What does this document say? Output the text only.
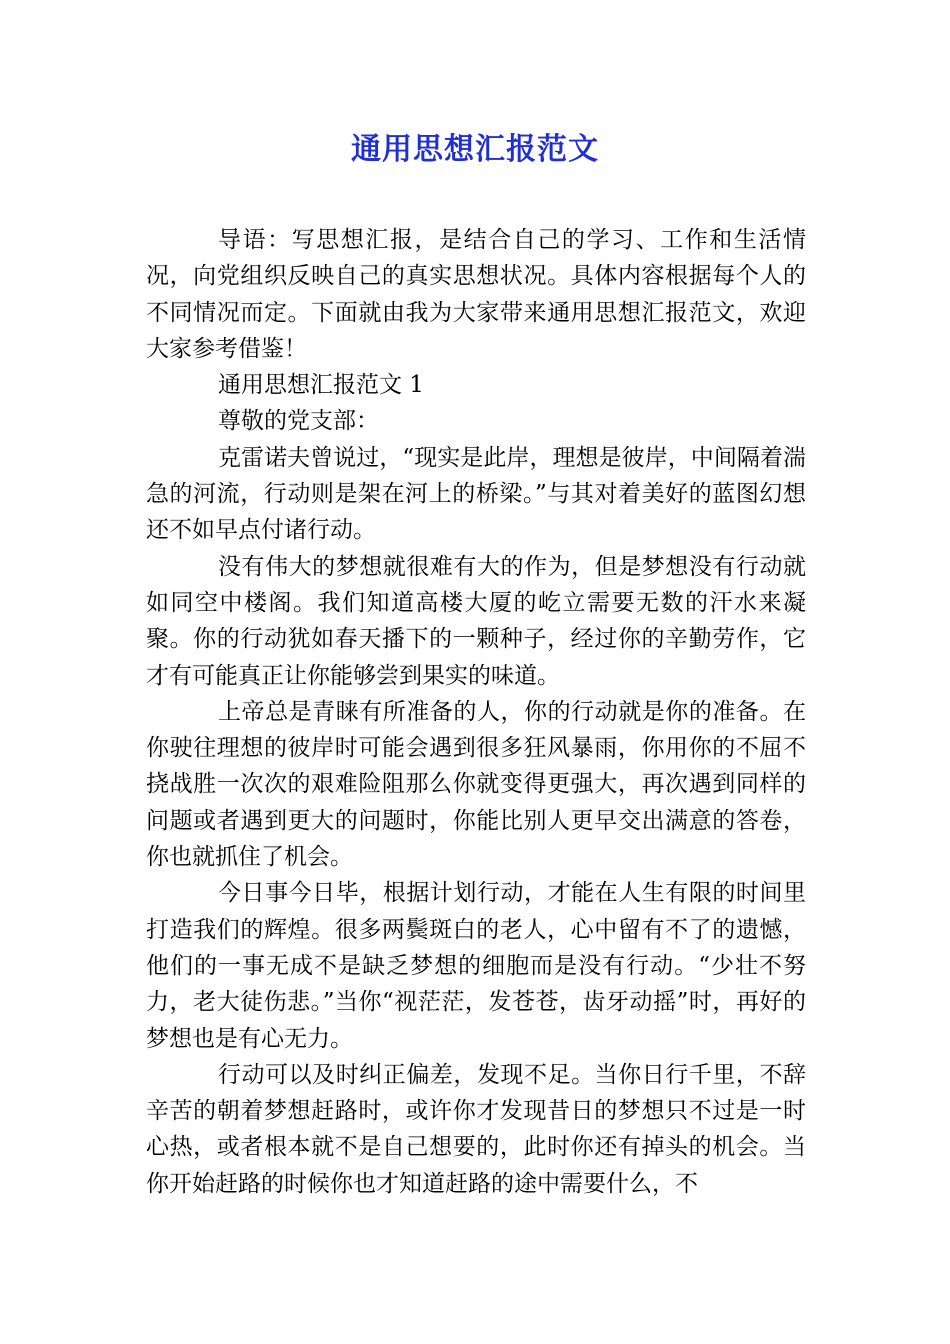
通用思想汇报范文

导语：写思想汇报，是结合自己的学习、工作和生活情况，向党组织反映自己的真实思想状况。具体内容根据每个人的不同情况而定。下面就由我为大家带来通用思想汇报范文，欢迎大家参考借鉴！

通用思想汇报范文 1

尊敬的党支部：

克雷诺夫曾说过，“现实是此岸，理想是彼岸，中间隔着湍急的河流，行动则是架在河上的桥梁。”与其对着美好的蓝图幻想还不如早点付诸行动。

没有伟大的梦想就很难有大的作为，但是梦想没有行动就如同空中楼阁。我们知道高楼大厦的屹立需要无数的汗水来凝聚。你的行动犹如春天播下的一颗种子，经过你的辛勤劳作，它才有可能真正让你能够尝到果实的味道。

上帝总是青睐有所准备的人，你的行动就是你的准备。在你驶往理想的彼岸时可能会遇到很多狂风暴雨，你用你的不屈不挠战胜一次次的艰难险阻那么你就变得更强大，再次遇到同样的问题或者遇到更大的问题时，你能比别人更早交出满意的答卷，你也就抓住了机会。

今日事今日毕，根据计划行动，才能在人生有限的时间里打造我们的辉煌。很多两鬓斑白的老人，心中留有不了的遗憾，他们的一事无成不是缺乏梦想的细胞而是没有行动。“少壮不努力，老大徒伤悲。”当你“视茫茫，发苍苍，齿牙动摇”时，再好的梦想也是有心无力。

行动可以及时纠正偏差，发现不足。当你日行千里，不辞辛苦的朝着梦想赶路时，或许你才发现昔日的梦想只不过是一时心热，或者根本就不是自己想要的，此时你还有掉头的机会。当你开始赶路的时候你也才知道赶路的途中需要什么，不
